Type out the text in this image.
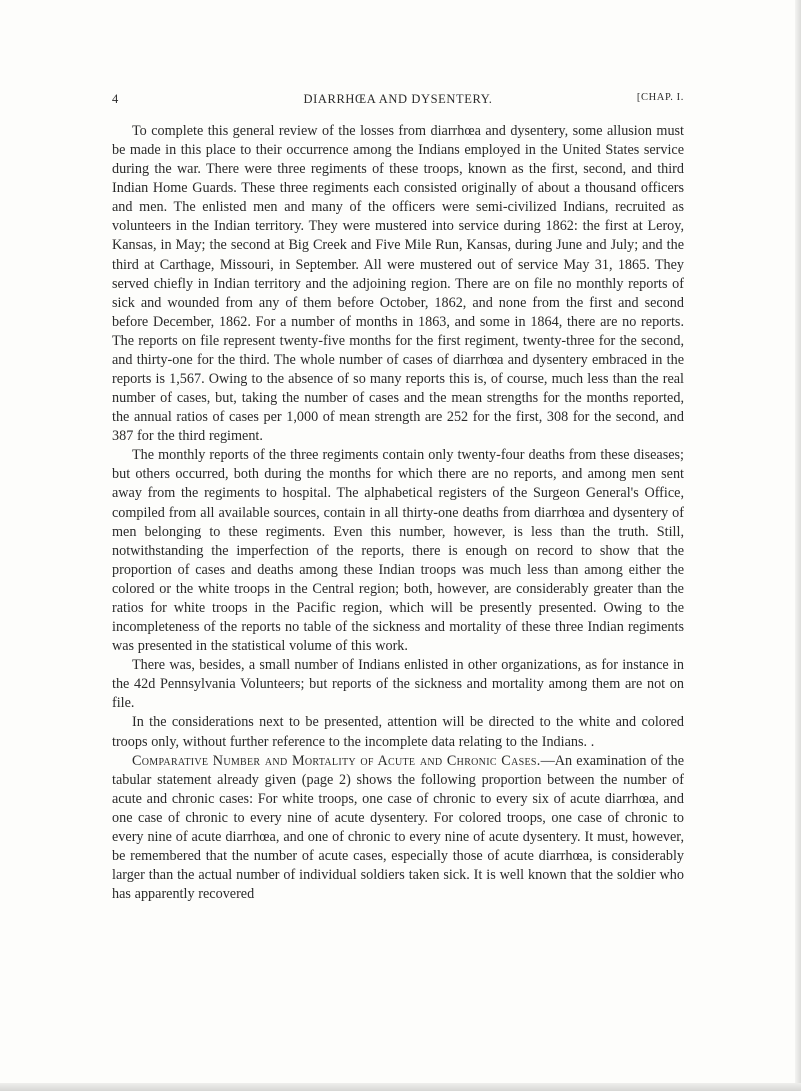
4	DIARRHŒA AND DYSENTERY.	[CHAP. I.

To complete this general review of the losses from diarrhœa and dysentery, some allusion must be made in this place to their occurrence among the Indians employed in the United States service during the war. There were three regiments of these troops, known as the first, second, and third Indian Home Guards. These three regiments each consisted originally of about a thousand officers and men. The enlisted men and many of the officers were semi-civilized Indians, recruited as volunteers in the Indian territory. They were mustered into service during 1862: the first at Leroy, Kansas, in May; the second at Big Creek and Five Mile Run, Kansas, during June and July; and the third at Carthage, Missouri, in September. All were mustered out of service May 31, 1865. They served chiefly in Indian territory and the adjoining region. There are on file no monthly reports of sick and wounded from any of them before October, 1862, and none from the first and second before December, 1862. For a number of months in 1863, and some in 1864, there are no reports. The reports on file represent twenty-five months for the first regiment, twenty-three for the second, and thirty-one for the third. The whole number of cases of diarrhœa and dysentery embraced in the reports is 1,567. Owing to the absence of so many reports this is, of course, much less than the real number of cases, but, taking the number of cases and the mean strengths for the months reported, the annual ratios of cases per 1,000 of mean strength are 252 for the first, 308 for the second, and 387 for the third regiment.

The monthly reports of the three regiments contain only twenty-four deaths from these diseases; but others occurred, both during the months for which there are no reports, and among men sent away from the regiments to hospital. The alphabetical registers of the Surgeon General's Office, compiled from all available sources, contain in all thirty-one deaths from diarrhœa and dysentery of men belonging to these regiments. Even this number, however, is less than the truth. Still, notwithstanding the imperfection of the reports, there is enough on record to show that the proportion of cases and deaths among these Indian troops was much less than among either the colored or the white troops in the Central region; both, however, are considerably greater than the ratios for white troops in the Pacific region, which will be presently presented. Owing to the incompleteness of the reports no table of the sickness and mortality of these three Indian regiments was presented in the statistical volume of this work.

There was, besides, a small number of Indians enlisted in other organizations, as for instance in the 42d Pennsylvania Volunteers; but reports of the sickness and mortality among them are not on file.

In the considerations next to be presented, attention will be directed to the white and colored troops only, without further reference to the incomplete data relating to the Indians. .

Comparative Number and Mortality of Acute and Chronic Cases.—An examination of the tabular statement already given (page 2) shows the following proportion between the number of acute and chronic cases: For white troops, one case of chronic to every six of acute diarrhœa, and one case of chronic to every nine of acute dysentery. For colored troops, one case of chronic to every nine of acute diarrhœa, and one of chronic to every nine of acute dysentery. It must, however, be remembered that the number of acute cases, especially those of acute diarrhœa, is considerably larger than the actual number of individual soldiers taken sick. It is well known that the soldier who has apparently recovered
